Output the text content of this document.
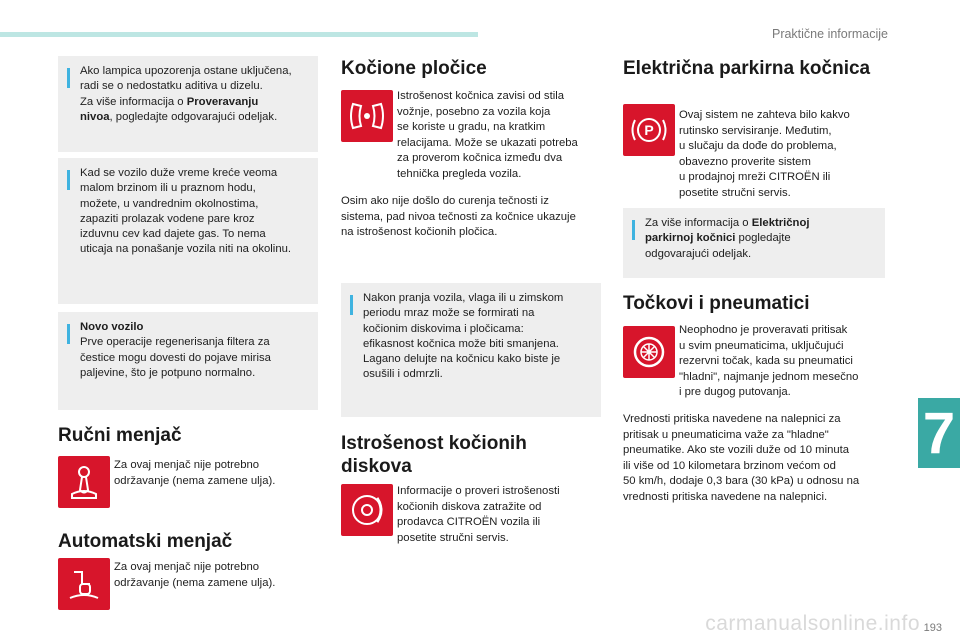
Praktične informacije
Ako lampica upozorenja ostane uključena,
radi se o nedostatku aditiva u dizelu.
Za više informacija o Proveravanju
nivoa, pogledajte odgovarajući odeljak.
Kad se vozilo duže vreme kreće veoma
malom brzinom ili u praznom hodu,
možete, u vandrednim okolnostima,
zapaziti prolazak vodene pare kroz
izduvnu cev kad dajete gas. To nema
uticaja na ponašanje vozila niti na okolinu.
Novo vozilo
Prve operacije regenerisanja filtera za
čestice mogu dovesti do pojave mirisa
paljevine, što je potpuno normalno.
Ručni menjač
Za ovaj menjač nije potrebno
održavanje (nema zamene ulja).
Automatski menjač
Za ovaj menjač nije potrebno
održavanje (nema zamene ulja).
Kočione pločice
Istrošenost kočnica zavisi od stila
vožnje, posebno za vozila koja
se koriste u gradu, na kratkim
relacijama. Može se ukazati potreba
za proverom kočnica između dva
tehnička pregleda vozila.
Osim ako nije došlo do curenja tečnosti iz
sistema, pad nivoa tečnosti za kočnice ukazuje
na istrošenost kočionih pločica.
Nakon pranja vozila, vlaga ili u zimskom
periodu mraz može se formirati na
kočionim diskovima i pločicama:
efikasnost kočnica može biti smanjena.
Lagano delujte na kočnicu kako biste je
osušili i odmrzli.
Istrošenost kočionih
diskova
Informacije o proveri istrošenosti
kočionih diskova zatražite od
prodavca CITROËN vozila ili
posetite stručni servis.
Električna parkirna kočnica
P
Ovaj sistem ne zahteva bilo kakvo
rutinsko servisiranje. Međutim,
u slučaju da dođe do problema,
obavezno proverite sistem
u prodajnoj mreži CITROËN ili
posetite stručni servis.
Za više informacija o Električnoj
parkirnoj kočnici pogledajte
odgovarajući odeljak.
Točkovi i pneumatici
Neophodno je proveravati pritisak
u svim pneumaticima, uključujući
rezervni točak, kada su pneumatici
"hladni", najmanje jednom mesečno
i pre dugog putovanja.
Vrednosti pritiska navedene na nalepnici za
pritisak u pneumaticima važe za "hladne"
pneumatike. Ako ste vozili duže od 10 minuta
ili više od 10 kilometara brzinom većom od
50 km/h, dodaje 0,3 bara (30 kPa) u odnosu na
vrednosti pritiska navedene na nalepnici.
7
carmanualsonline.info 193
